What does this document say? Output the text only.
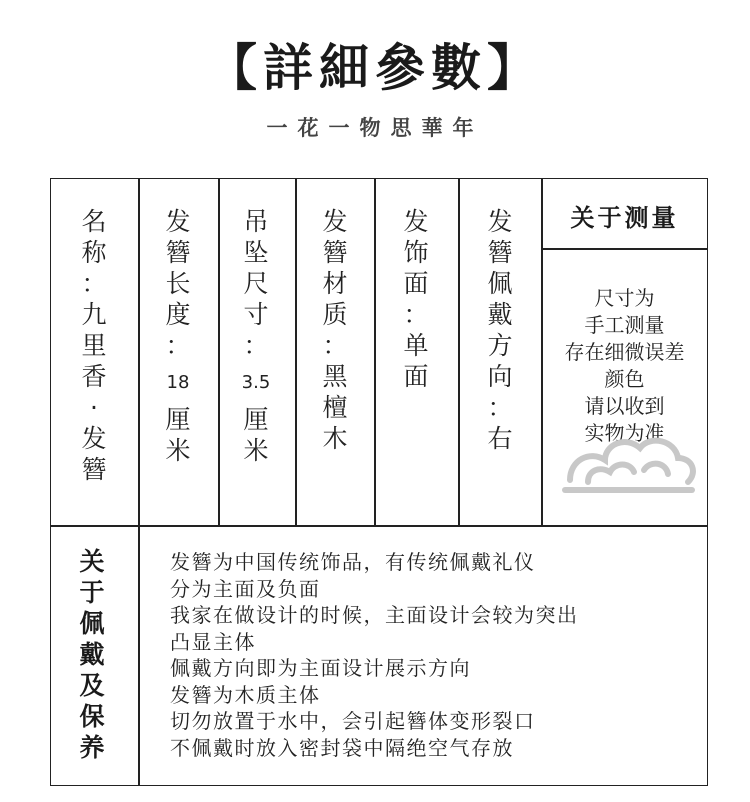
【詳細參數】
一花一物思華年
名
称
：
九
里
香
·
发
簪
发
簪
长
度
：
18
厘
米
吊
坠
尺
寸
：
3.5
厘
米
发
簪
材
质
：
黑
檀
木
发
饰
面
：
单
面
发
簪
佩
戴
方
向
：
右
关于测量
尺寸为
手工测量
存在细微误差
颜色
请以收到
实物为准
关
于
佩
戴
及
保
养
发簪为中国传统饰品，有传统佩戴礼仪
分为主面及负面
我家在做设计的时候，主面设计会较为突出
凸显主体
佩戴方向即为主面设计展示方向
发簪为木质主体
切勿放置于水中，会引起簪体变形裂口
不佩戴时放入密封袋中隔绝空气存放
